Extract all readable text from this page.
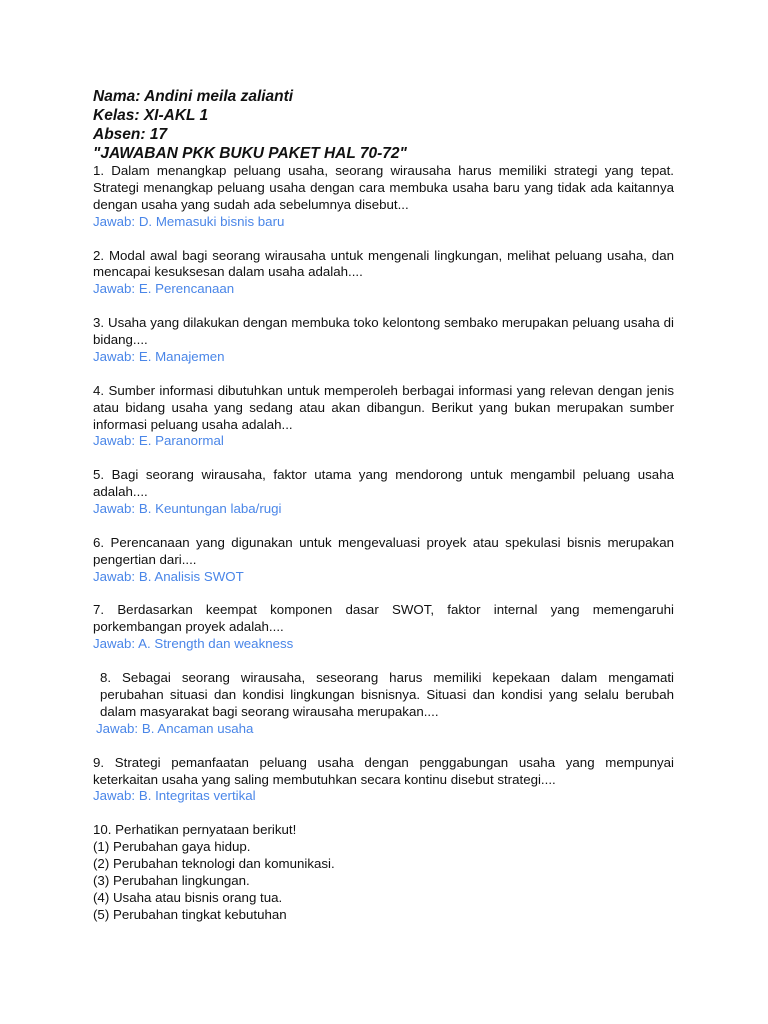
Nama: Andini meila zalianti

Kelas: XI-AKL 1

Absen: 17

"JAWABAN PKK BUKU PAKET HAL 70-72"

1. Dalam menangkap peluang usaha, seorang wirausaha harus memiliki strategi yang tepat. Strategi menangkap peluang usaha dengan cara membuka usaha baru yang tidak ada kaitannya dengan usaha yang sudah ada sebelumnya disebut...

Jawab: D. Memasuki bisnis baru

2. Modal awal bagi seorang wirausaha untuk mengenali lingkungan, melihat peluang usaha, dan mencapai kesuksesan dalam usaha adalah....

Jawab: E. Perencanaan

3. Usaha yang dilakukan dengan membuka toko kelontong sembako merupakan peluang usaha di bidang....

Jawab: E. Manajemen

4. Sumber informasi dibutuhkan untuk memperoleh berbagai informasi yang relevan dengan jenis atau bidang usaha yang sedang atau akan dibangun. Berikut yang bukan merupakan sumber informasi peluang usaha adalah...

Jawab: E. Paranormal

5. Bagi seorang wirausaha, faktor utama yang mendorong untuk mengambil peluang usaha adalah....

Jawab: B. Keuntungan laba/rugi

6. Perencanaan yang digunakan untuk mengevaluasi proyek atau spekulasi bisnis merupakan pengertian dari....

Jawab: B. Analisis SWOT

7. Berdasarkan keempat komponen dasar SWOT, faktor internal yang memengaruhi porkembangan proyek adalah....

Jawab: A. Strength dan weakness

8. Sebagai seorang wirausaha, seseorang harus memiliki kepekaan dalam mengamati perubahan situasi dan kondisi lingkungan bisnisnya. Situasi dan kondisi yang selalu berubah dalam masyarakat bagi seorang wirausaha merupakan....

Jawab: B. Ancaman usaha

9. Strategi pemanfaatan peluang usaha dengan penggabungan usaha yang mempunyai keterkaitan usaha yang saling membutuhkan secara kontinu disebut strategi....

Jawab: B. Integritas vertikal

10. Perhatikan pernyataan berikut!

(1) Perubahan gaya hidup.

(2) Perubahan teknologi dan komunikasi.

(3) Perubahan lingkungan.

(4) Usaha atau bisnis orang tua.

(5) Perubahan tingkat kebutuhan
